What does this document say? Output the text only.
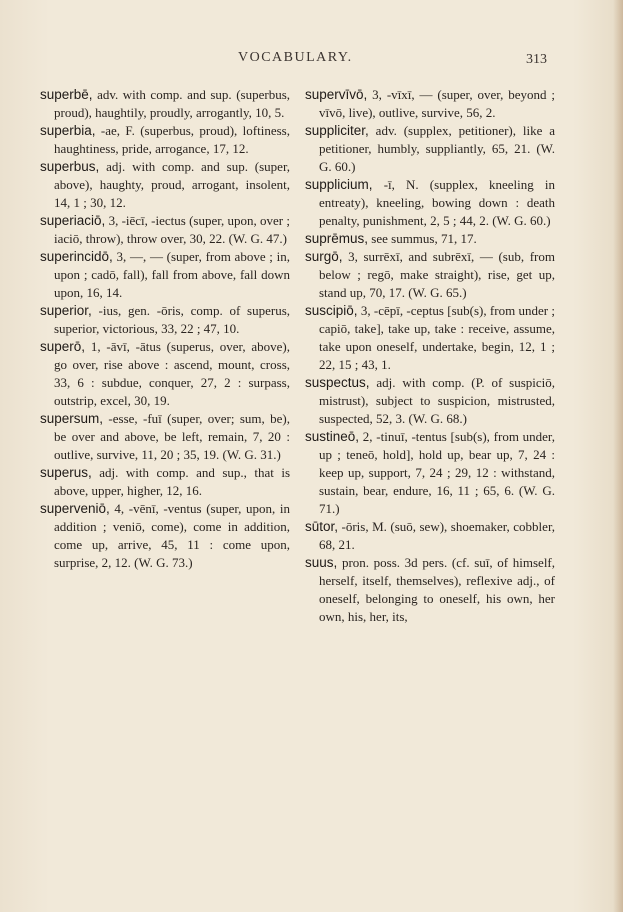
VOCABULARY.	313

superbē, adv. with comp. and sup. (superbus, proud), haughtily, proudly, arrogantly, 10, 5.

superbia, -ae, F. (superbus, proud), loftiness, haughtiness, pride, arrogance, 17, 12.

superbus, adj. with comp. and sup. (super, above), haughty, proud, arrogant, insolent, 14, 1 ; 30, 12.

superiaciō, 3, -iēcī, -iectus (super, upon, over ; iaciō, throw), throw over, 30, 22. (W. G. 47.)

superincidō, 3, —, — (super, from above ; in, upon ; cadō, fall), fall from above, fall down upon, 16, 14.

superior, -ius, gen. -ōris, comp. of superus, superior, victorious, 33, 22 ; 47, 10.

superō, 1, -āvī, -ātus (superus, over, above), go over, rise above : ascend, mount, cross, 33, 6 : subdue, conquer, 27, 2 : surpass, outstrip, excel, 30, 19.

supersum, -esse, -fuī (super, over; sum, be), be over and above, be left, remain, 7, 20 : outlive, survive, 11, 20 ; 35, 19. (W. G. 31.)

superus, adj. with comp. and sup., that is above, upper, higher, 12, 16.

superveniō, 4, -vēnī, -ventus (super, upon, in addition ; veniō, come), come in addition, come up, arrive, 45, 11 : come upon, surprise, 2, 12. (W. G. 73.)

supervīvō, 3, -vīxī, — (super, over, beyond ; vīvō, live), outlive, survive, 56, 2.

suppliciter, adv. (supplex, petitioner), like a petitioner, humbly, suppliantly, 65, 21. (W. G. 60.)

supplicium, -ī, N. (supplex, kneeling in entreaty), kneeling, bowing down : death penalty, punishment, 2, 5 ; 44, 2. (W. G. 60.)

suprēmus, see summus, 71, 17.

surgō, 3, surrēxī, and subrēxī, — (sub, from below ; regō, make straight), rise, get up, stand up, 70, 17. (W. G. 65.)

suscipiō, 3, -cēpī, -ceptus [sub(s), from under ; capiō, take], take up, take : receive, assume, take upon oneself, undertake, begin, 12, 1 ; 22, 15 ; 43, 1.

suspectus, adj. with comp. (P. of suspiciō, mistrust), subject to suspicion, mistrusted, suspected, 52, 3. (W. G. 68.)

sustineō, 2, -tinuī, -tentus [sub(s), from under, up ; teneō, hold], hold up, bear up, 7, 24 : keep up, support, 7, 24 ; 29, 12 : withstand, sustain, bear, endure, 16, 11 ; 65, 6. (W. G. 71.)

sūtor, -ōris, M. (suō, sew), shoemaker, cobbler, 68, 21.

suus, pron. poss. 3d pers. (cf. suī, of himself, herself, itself, themselves), reflexive adj., of oneself, belonging to oneself, his own, her own, his, her, its,
